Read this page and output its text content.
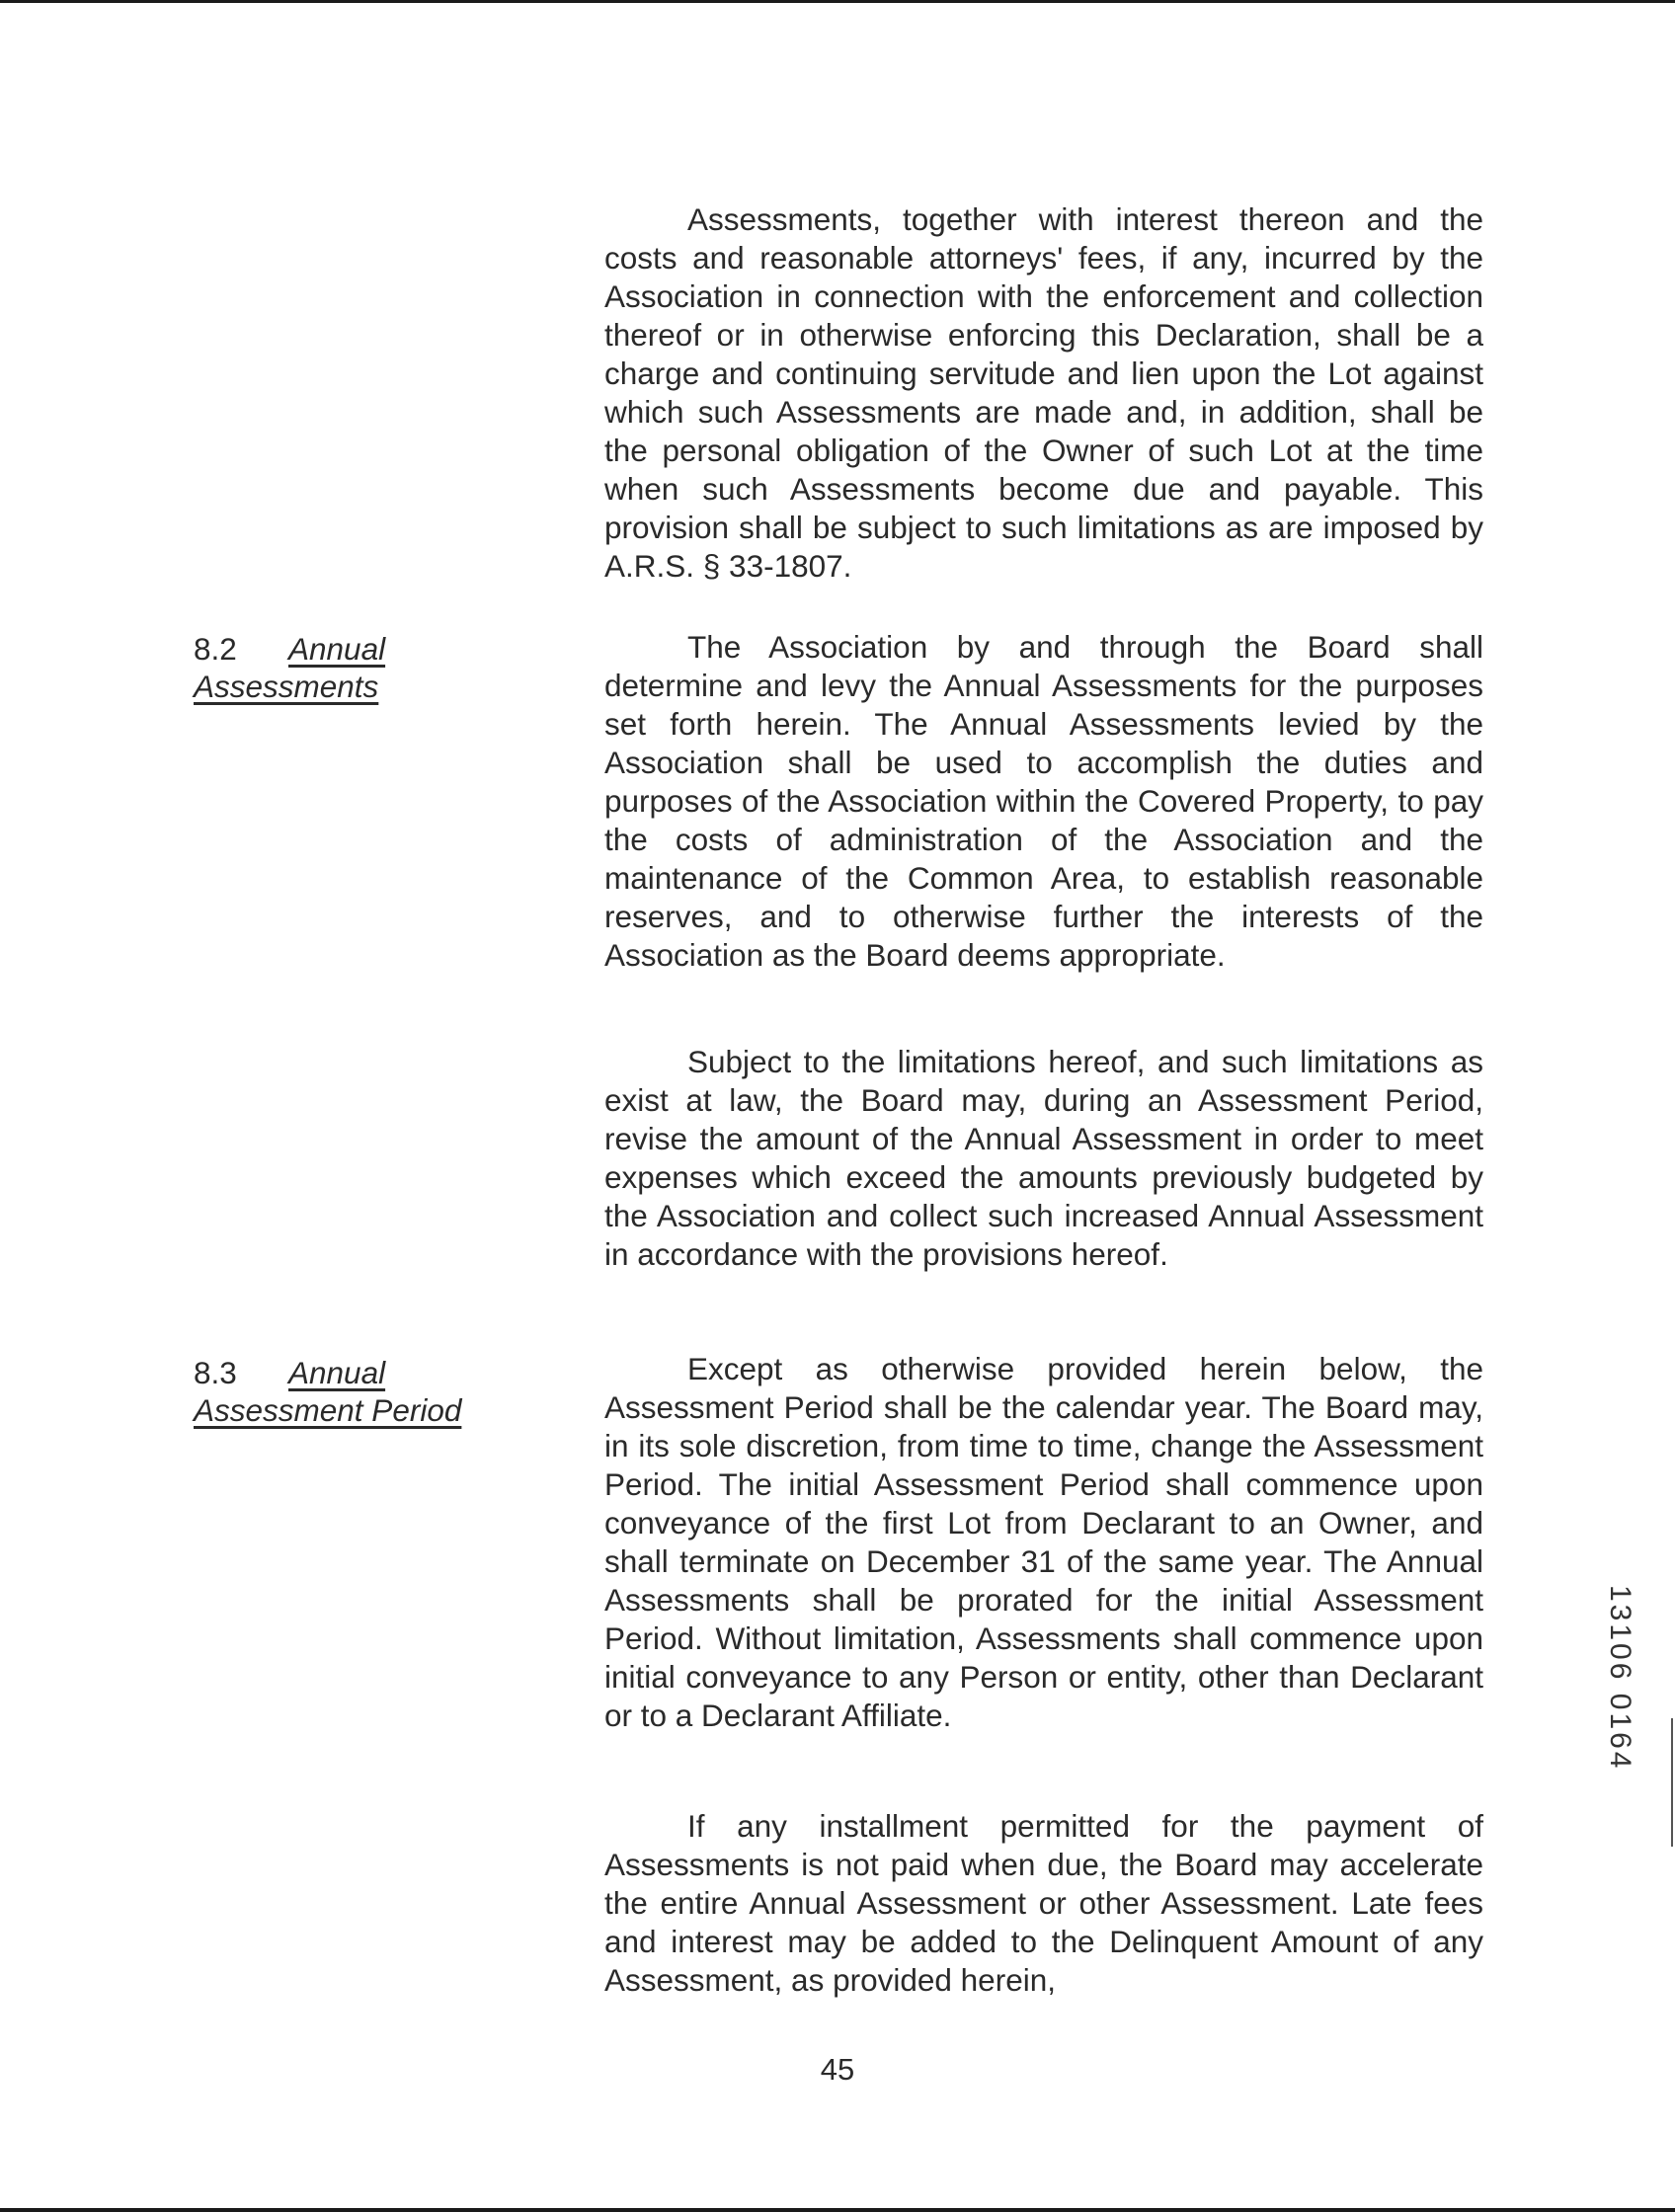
Assessments, together with interest thereon and the costs and reasonable attorneys' fees, if any, incurred by the Association in connection with the enforcement and collection thereof or in otherwise enforcing this Declaration, shall be a charge and continuing servitude and lien upon the Lot against which such Assessments are made and, in addition, shall be the personal obligation of the Owner of such Lot at the time when such Assessments become due and payable. This provision shall be subject to such limitations as are imposed by A.R.S. § 33-1807.

8.2 Annual
Assessments

The Association by and through the Board shall determine and levy the Annual Assessments for the purposes set forth herein. The Annual Assessments levied by the Association shall be used to accomplish the duties and purposes of the Association within the Covered Property, to pay the costs of administration of the Association and the maintenance of the Common Area, to establish reasonable reserves, and to otherwise further the interests of the Association as the Board deems appropriate.

Subject to the limitations hereof, and such limitations as exist at law, the Board may, during an Assessment Period, revise the amount of the Annual Assessment in order to meet expenses which exceed the amounts previously budgeted by the Association and collect such increased Annual Assessment in accordance with the provisions hereof.

8.3 Annual
Assessment Period

Except as otherwise provided herein below, the Assessment Period shall be the calendar year. The Board may, in its sole discretion, from time to time, change the Assessment Period. The initial Assessment Period shall commence upon conveyance of the first Lot from Declarant to an Owner, and shall terminate on December 31 of the same year. The Annual Assessments shall be prorated for the initial Assessment Period. Without limitation, Assessments shall commence upon initial conveyance to any Person or entity, other than Declarant or to a Declarant Affiliate.

If any installment permitted for the payment of Assessments is not paid when due, the Board may accelerate the entire Annual Assessment or other Assessment. Late fees and interest may be added to the Delinquent Amount of any Assessment, as provided herein,

45
13106 0164
